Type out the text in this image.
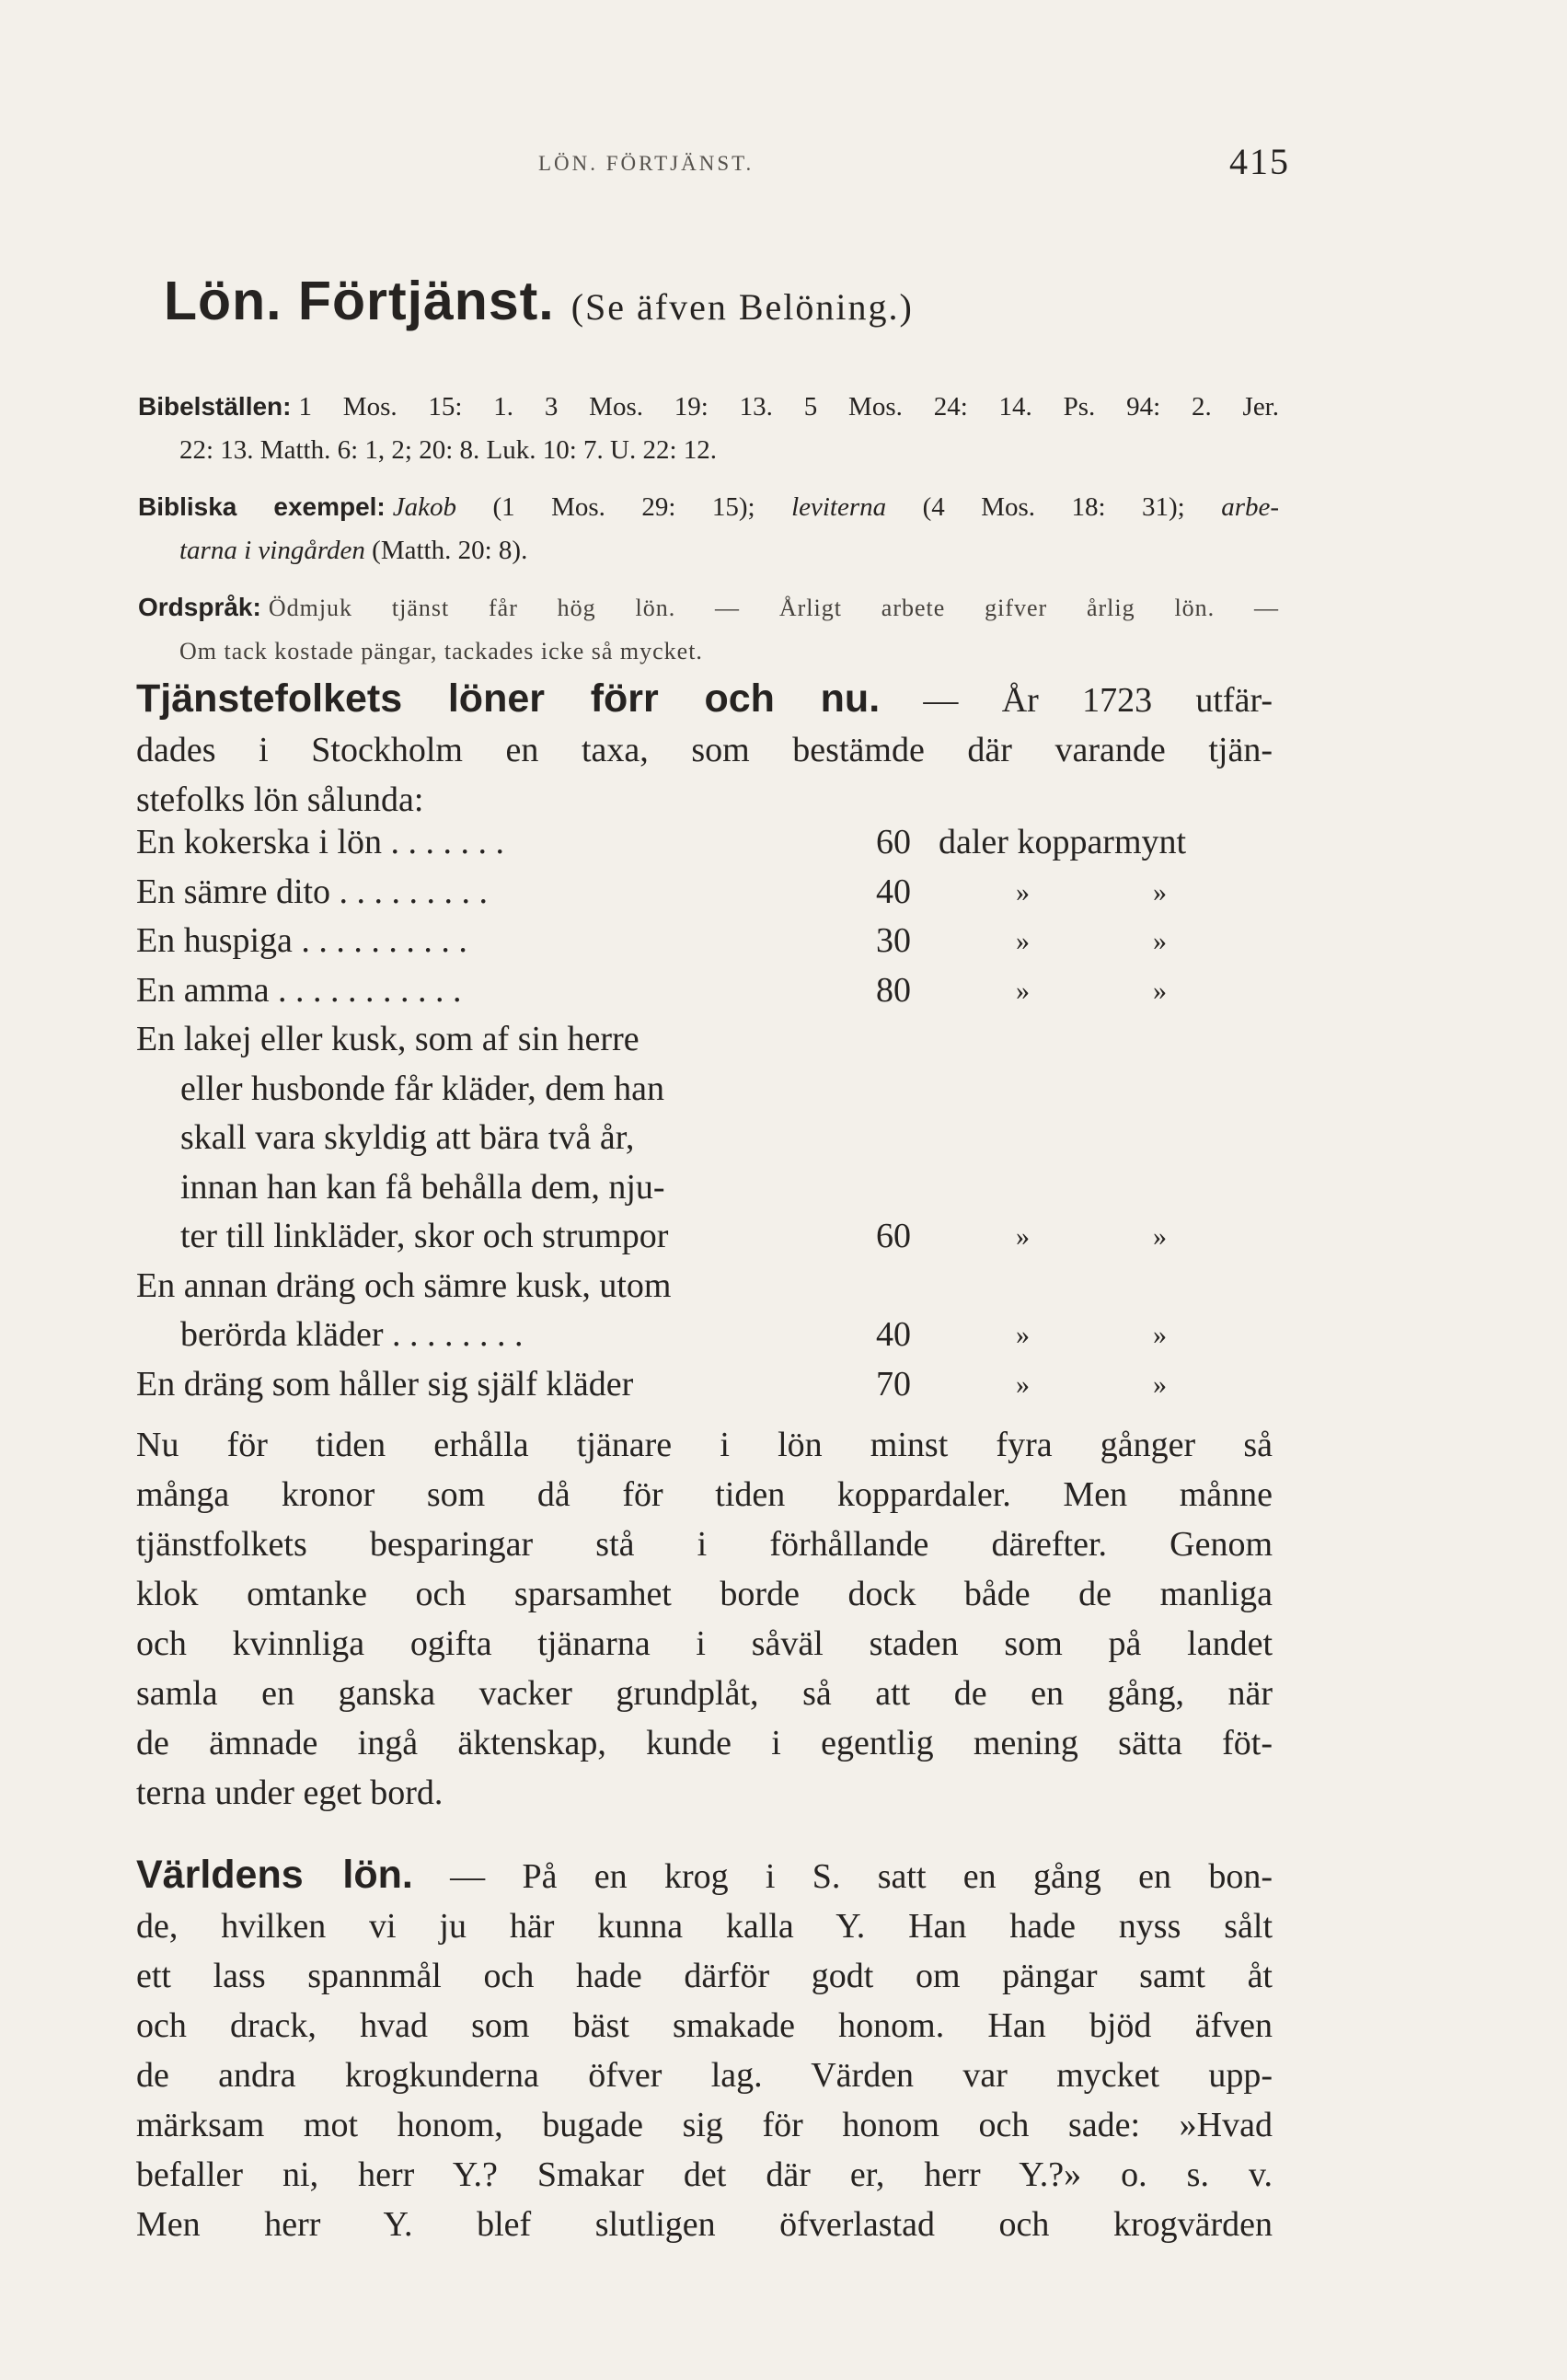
LÖN. FÖRTJÄNST.	415
Lön. Förtjänst. (Se äfven Belöning.)
Bibelställen: 1 Mos. 15: 1. 3 Mos. 19: 13. 5 Mos. 24: 14. Ps. 94: 2. Jer.
22: 13. Matth. 6: 1, 2; 20: 8. Luk. 10: 7. U. 22: 12.
Bibliska exempel: Jakob (1 Mos. 29: 15); leviterna (4 Mos. 18: 31); arbe-
tarna i vingården (Matth. 20: 8).
Ordspråk: Ödmjuk tjänst får hög lön. — Årligt arbete gifver årlig lön. —
Om tack kostade pängar, tackades icke så mycket.
Tjänstefolkets löner förr och nu. — År 1723 utfär-
dades i Stockholm en taxa, som bestämde där varande tjän-
stefolks lön sålunda:
En kokerska i lön . . . . . . .	60 daler kopparmynt
En sämre dito . . . . . . . . .	40	»	»
En huspiga . . . . . . . . . .	30	»	»
En amma . . . . . . . . . . .	80	»	»
En lakej eller kusk, som af sin herre
eller husbonde får kläder, dem han
skall vara skyldig att bära två år,
innan han kan få behålla dem, nju-
ter till linkläder, skor och strumpor	60	»	»
En annan dräng och sämre kusk, utom
berörda kläder . . . . . . . .	40	»	»
En dräng som håller sig själf kläder	70	»	»
Nu för tiden erhålla tjänare i lön minst fyra gånger så
många kronor som då för tiden koppardaler. Men månne
tjänstfolkets besparingar stå i förhållande därefter. Genom
klok omtanke och sparsamhet borde dock både de manliga
och kvinnliga ogifta tjänarna i såväl staden som på landet
samla en ganska vacker grundplåt, så att de en gång, när
de ämnade ingå äktenskap, kunde i egentlig mening sätta föt-
terna under eget bord.
Världens lön. — På en krog i S. satt en gång en bon-
de, hvilken vi ju här kunna kalla Y. Han hade nyss sålt
ett lass spannmål och hade därför godt om pängar samt åt
och drack, hvad som bäst smakade honom. Han bjöd äfven
de andra krogkunderna öfver lag. Värden var mycket upp-
märksam mot honom, bugade sig för honom och sade: »Hvad
befaller ni, herr Y.? Smakar det där er, herr Y.?» o. s. v.
Men herr Y. blef slutligen öfverlastad och krogvärden
